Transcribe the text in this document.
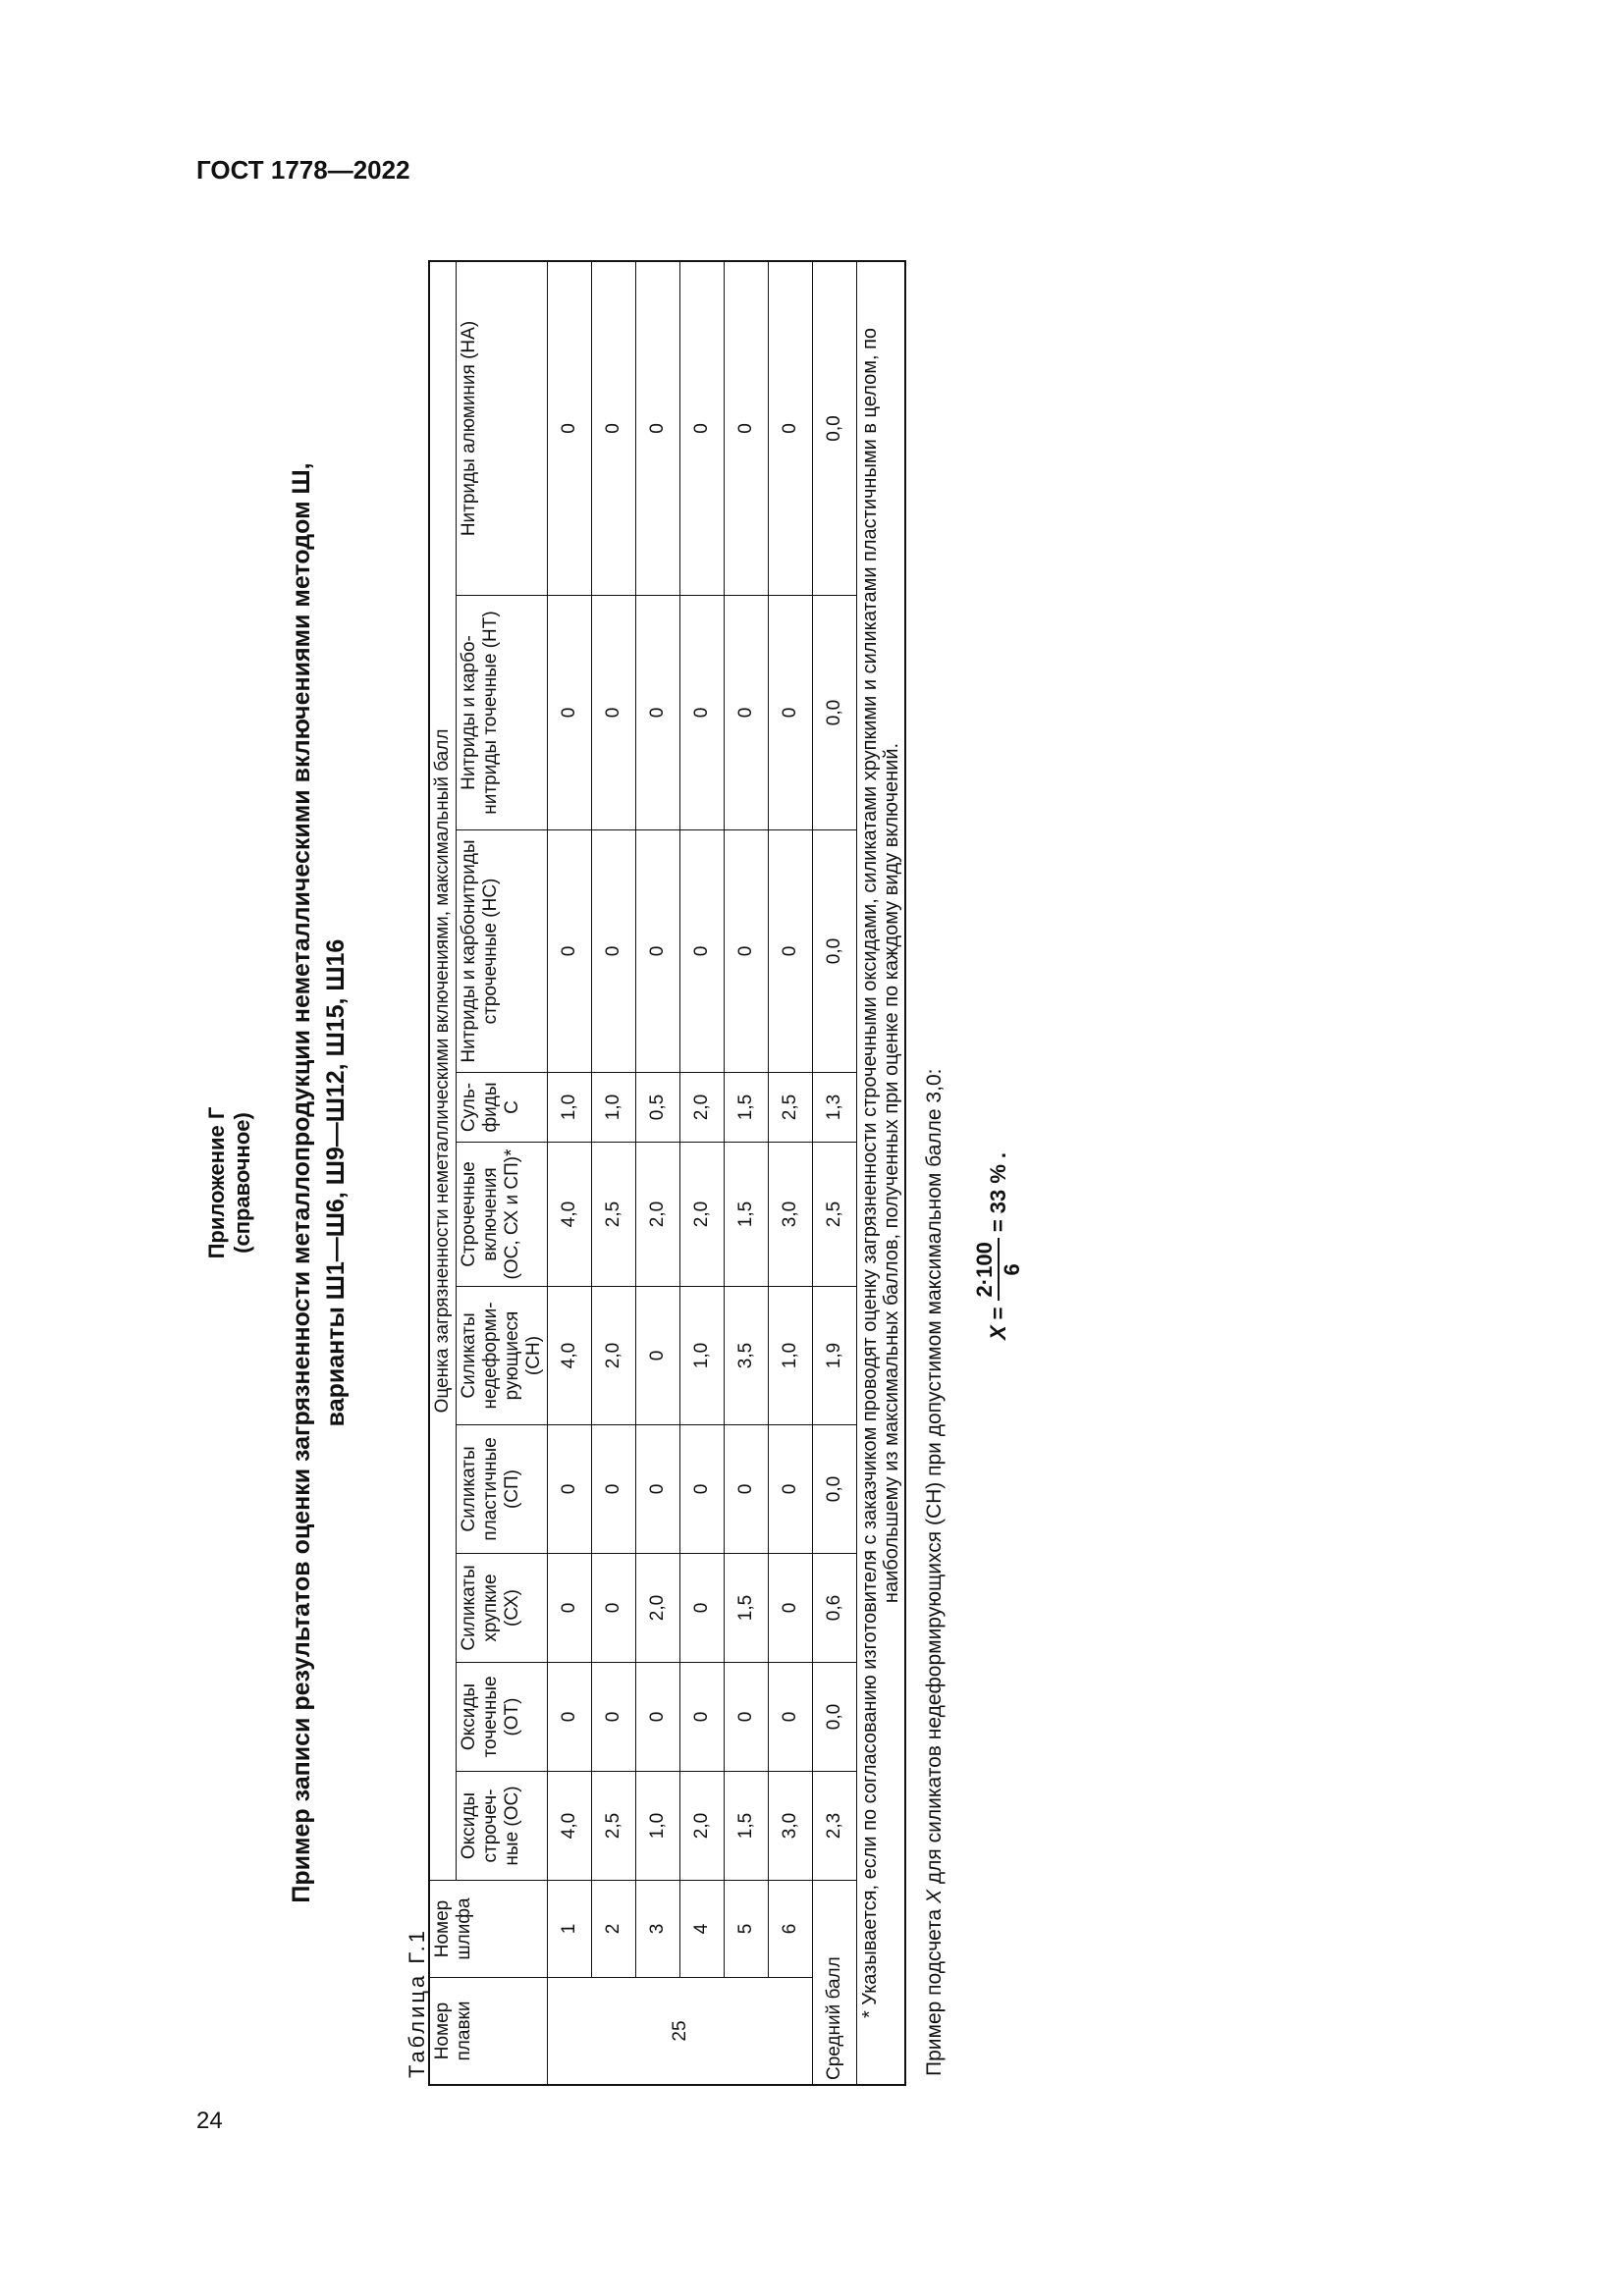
ГОСТ 1778—2022
24
Приложение Г (справочное) Пример записи результатов оценки загрязненности металлопродукции неметаллическими включениями методом Ш, варианты Ш1—Ш6, Ш9—Ш12, Ш15, Ш16
Таблица Г.1 Номер плавки	Номер шлифа	Оценка загрязненности неметаллическими включениями, максимальный балл									
		Оксиды строчеч-ные (ОС)	Оксиды точечные (ОТ)	Силикаты хрупкие (СХ)	Силикаты пластичные (СП)	Силикаты недеформи-рующиеся (СН)	Строчечные включения (ОС, СХ и СП)*	Суль-фиды С	Нитриды и карбонитриды строчечные (НС)	Нитриды и карбо-нитриды точечные (НТ)	Нитриды алюминия (НА)
25	1	4,0	0	0	0	4,0	4,0	1,0	0	0	0
	2	2,5	0	0	0	2,0	2,5	1,0	0	0	0
	3	1,0	0	2,0	0	0	2,0	0,5	0	0	0
	4	2,0	0	0	0	1,0	2,0	2,0	0	0	0
	5	1,5	0	1,5	0	3,5	1,5	1,5	0	0	0
	6	3,0	0	0	0	1,0	3,0	2,5	0	0	0
Средний балл		2,3	0,0	0,6	0,0	1,9	2,5	1,3	0,0	0,0	0,0
* Указывается, если по согласованию изготовителя с заказчиком проводят оценку загрязненности строчечными оксидами, силикатами хрупкими и силикатами пластичными в целом, по наибольшему из максимальных баллов, полученных при оценке по каждому виду включений.											
Пример подсчета X для силикатов недеформирующихся (СН) при допустимом максимальном балле 3,0: X
=
2·100 6
= 33 %
.
